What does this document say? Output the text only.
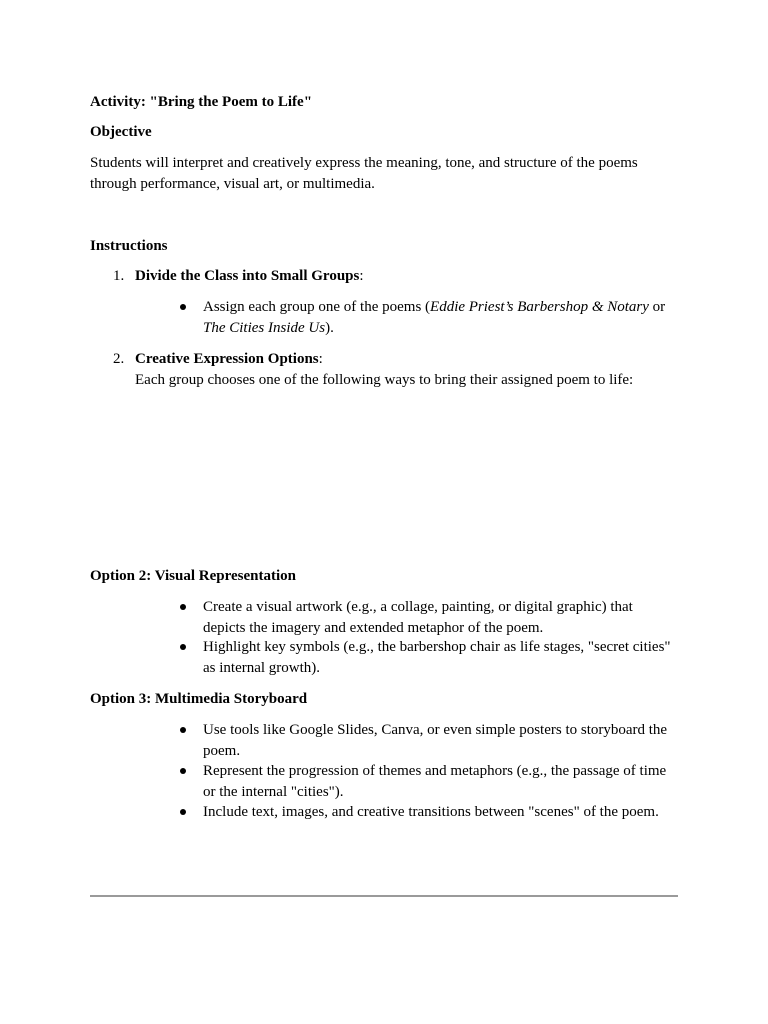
Activity: "Bring the Poem to Life"
Objective
Students will interpret and creatively express the meaning, tone, and structure of the poems
through performance, visual art, or multimedia.
Instructions
1. Divide the Class into Small Groups:
Assign each group one of the poems (Eddie Priest’s Barbershop & Notary or
The Cities Inside Us).
2. Creative Expression Options:
Each group chooses one of the following ways to bring their assigned poem to life:
Option 2: Visual Representation
Create a visual artwork (e.g., a collage, painting, or digital graphic) that
depicts the imagery and extended metaphor of the poem.
Highlight key symbols (e.g., the barbershop chair as life stages, "secret cities"
as internal growth).
Option 3: Multimedia Storyboard
Use tools like Google Slides, Canva, or even simple posters to storyboard the
poem.
Represent the progression of themes and metaphors (e.g., the passage of time
or the internal "cities").
Include text, images, and creative transitions between "scenes" of the poem.
